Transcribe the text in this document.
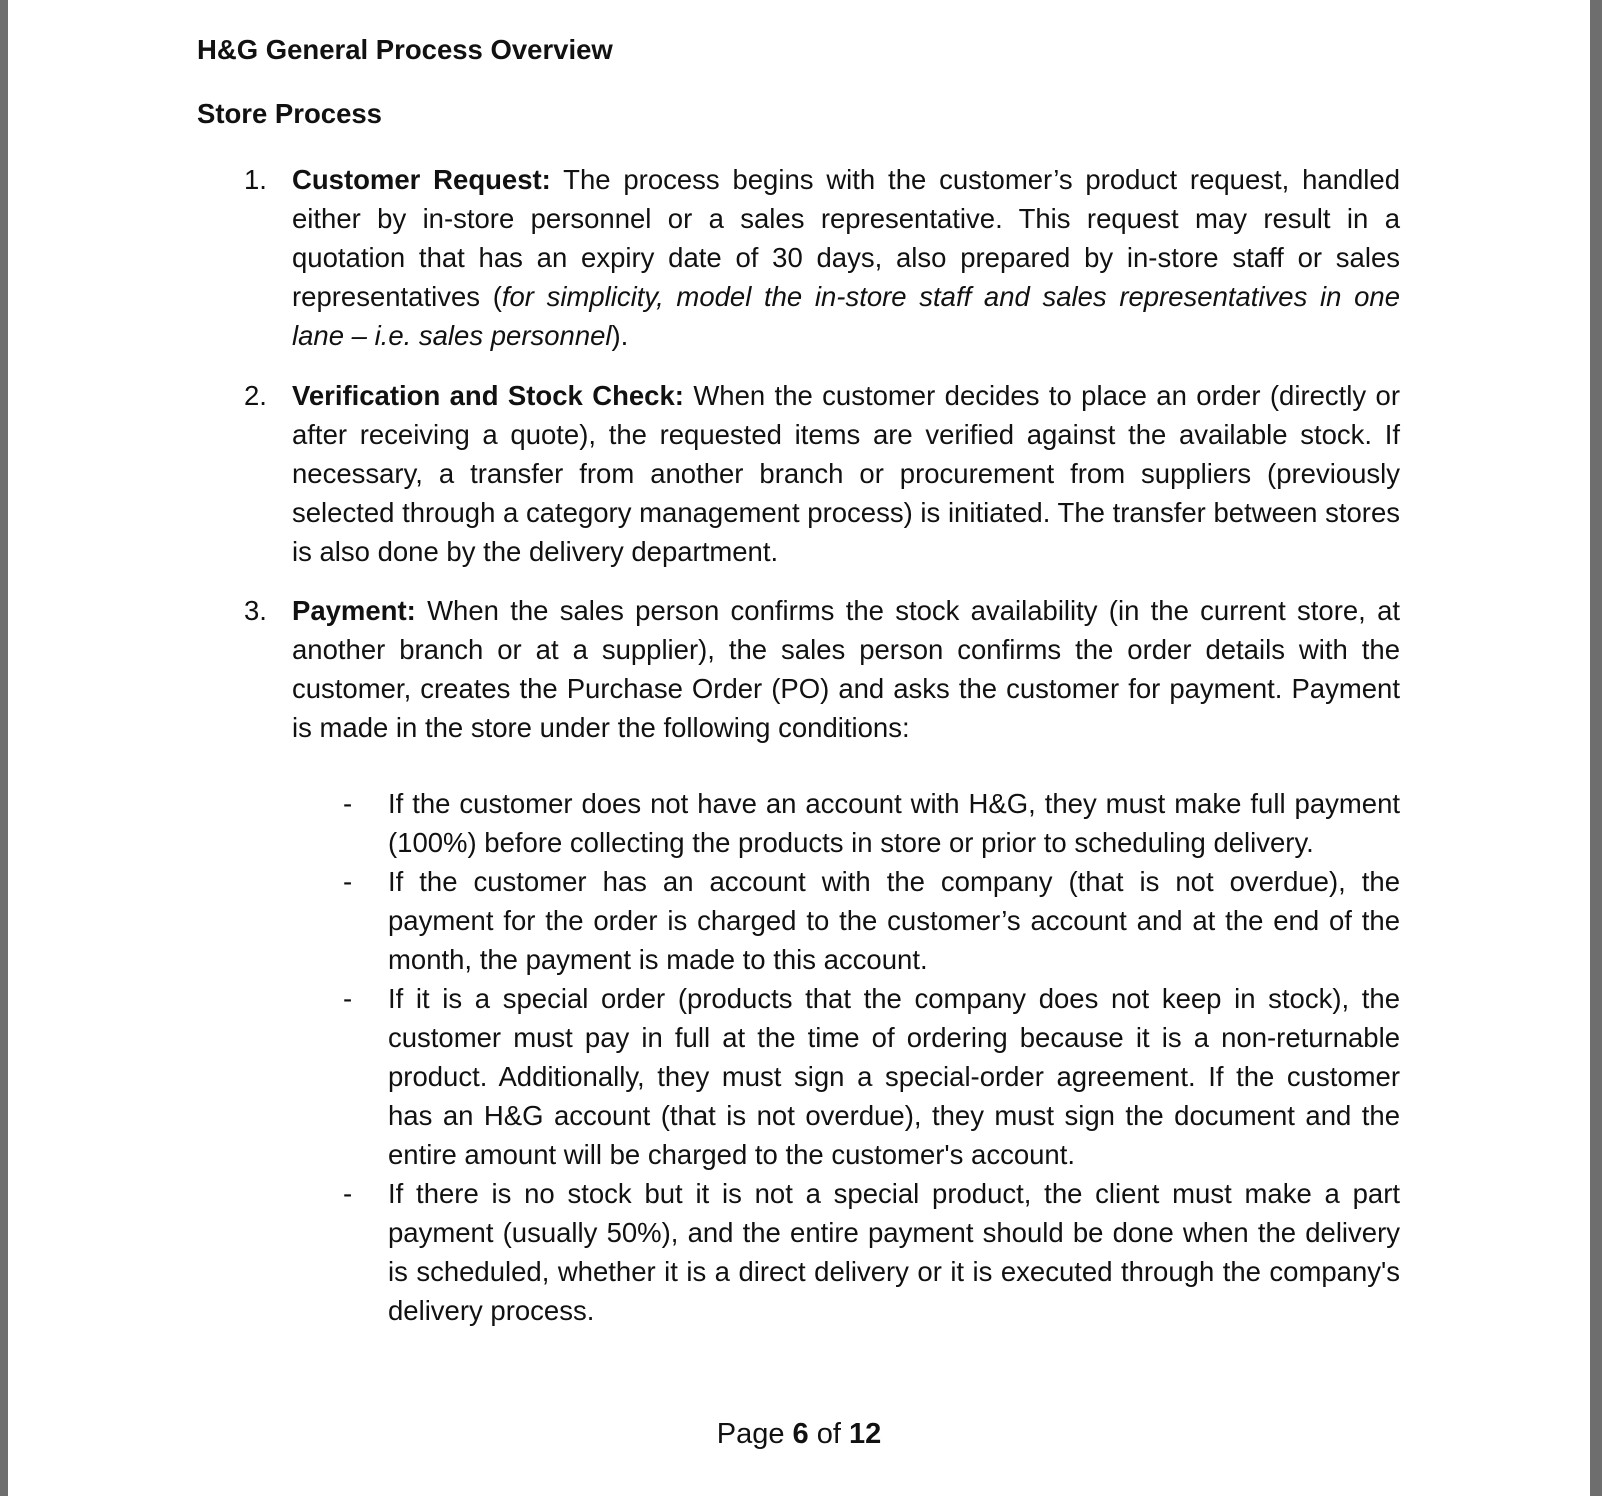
H&G General Process Overview
Store Process

1. Customer Request: The process begins with the customer’s product request, handled either by in-store personnel or a sales representative. This request may result in a quotation that has an expiry date of 30 days, also prepared by in-store staff or sales representatives (for simplicity, model the in-store staff and sales representatives in one lane – i.e. sales personnel).

2. Verification and Stock Check: When the customer decides to place an order (directly or after receiving a quote), the requested items are verified against the available stock. If necessary, a transfer from another branch or procurement from suppliers (previously selected through a category management process) is initiated. The transfer between stores is also done by the delivery department.

3. Payment: When the sales person confirms the stock availability (in the current store, at another branch or at a supplier), the sales person confirms the order details with the customer, creates the Purchase Order (PO) and asks the customer for payment. Payment is made in the store under the following conditions:

- If the customer does not have an account with H&G, they must make full payment (100%) before collecting the products in store or prior to scheduling delivery.
- If the customer has an account with the company (that is not overdue), the payment for the order is charged to the customer’s account and at the end of the month, the payment is made to this account.
- If it is a special order (products that the company does not keep in stock), the customer must pay in full at the time of ordering because it is a non-returnable product. Additionally, they must sign a special-order agreement. If the customer has an H&G account (that is not overdue), they must sign the document and the entire amount will be charged to the customer's account.
- If there is no stock but it is not a special product, the client must make a part payment (usually 50%), and the entire payment should be done when the delivery is scheduled, whether it is a direct delivery or it is executed through the company's delivery process.
Page 6 of 12
